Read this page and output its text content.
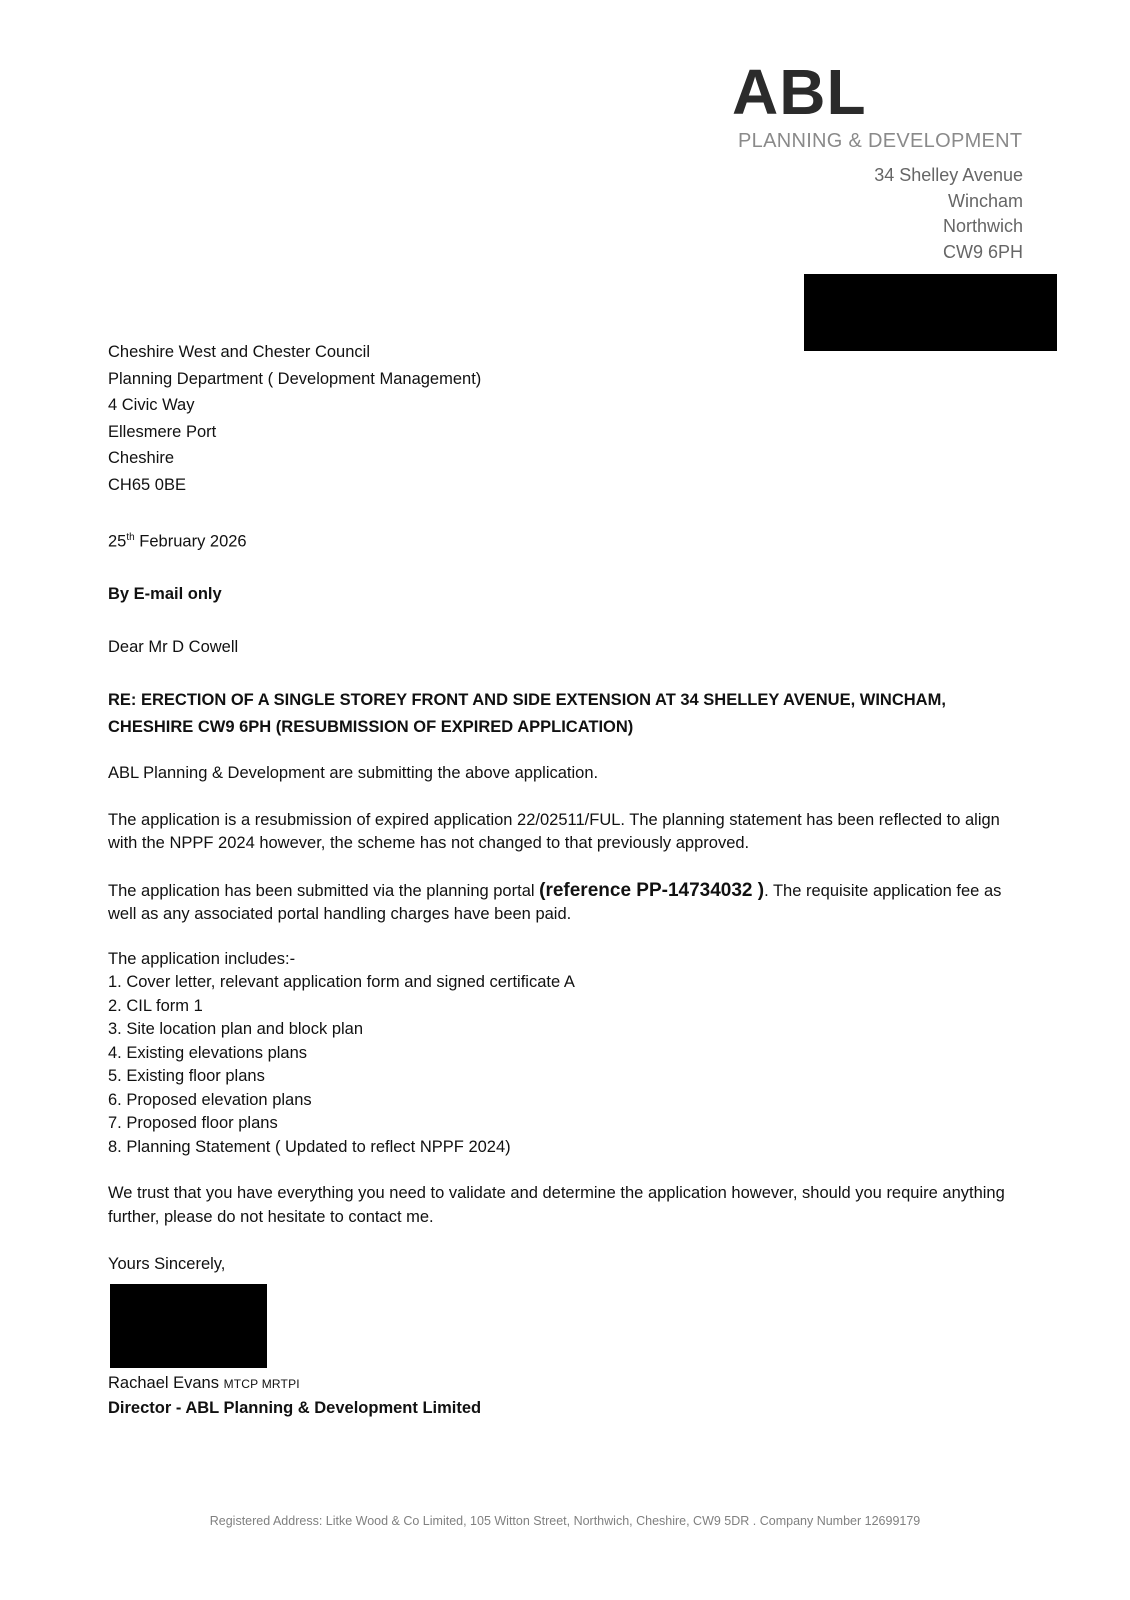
ABL
PLANNING & DEVELOPMENT
34 Shelley Avenue
Wincham
Northwich
CW9 6PH
Cheshire West and Chester Council
Planning Department ( Development Management)
4 Civic Way
Ellesmere Port
Cheshire
CH65 0BE
25th February 2026
By E-mail only
Dear Mr D Cowell
RE: ERECTION OF A SINGLE STOREY FRONT AND SIDE EXTENSION AT 34 SHELLEY AVENUE, WINCHAM, CHESHIRE CW9 6PH (RESUBMISSION OF EXPIRED APPLICATION)
ABL Planning & Development are submitting the above application.
The application is a resubmission of expired application 22/02511/FUL. The planning statement has been reflected to align with the NPPF 2024 however, the scheme has not changed to that previously approved.
The application has been submitted via the planning portal (reference PP-14734032 ). The requisite application fee as well as any associated portal handling charges have been paid.
The application includes:-
1. Cover letter, relevant application form and signed certificate A
2. CIL form 1
3. Site location plan and block plan
4. Existing elevations plans
5. Existing floor plans
6. Proposed elevation plans
7. Proposed floor plans
8. Planning Statement ( Updated to reflect NPPF 2024)
We trust that you have everything you need to validate and determine the application however, should you require anything further, please do not hesitate to contact me.
Yours Sincerely,
Rachael Evans MTCP MRTPI
Director - ABL Planning & Development Limited
Registered Address: Litke Wood & Co Limited, 105 Witton Street, Northwich, Cheshire, CW9 5DR . Company Number 12699179
